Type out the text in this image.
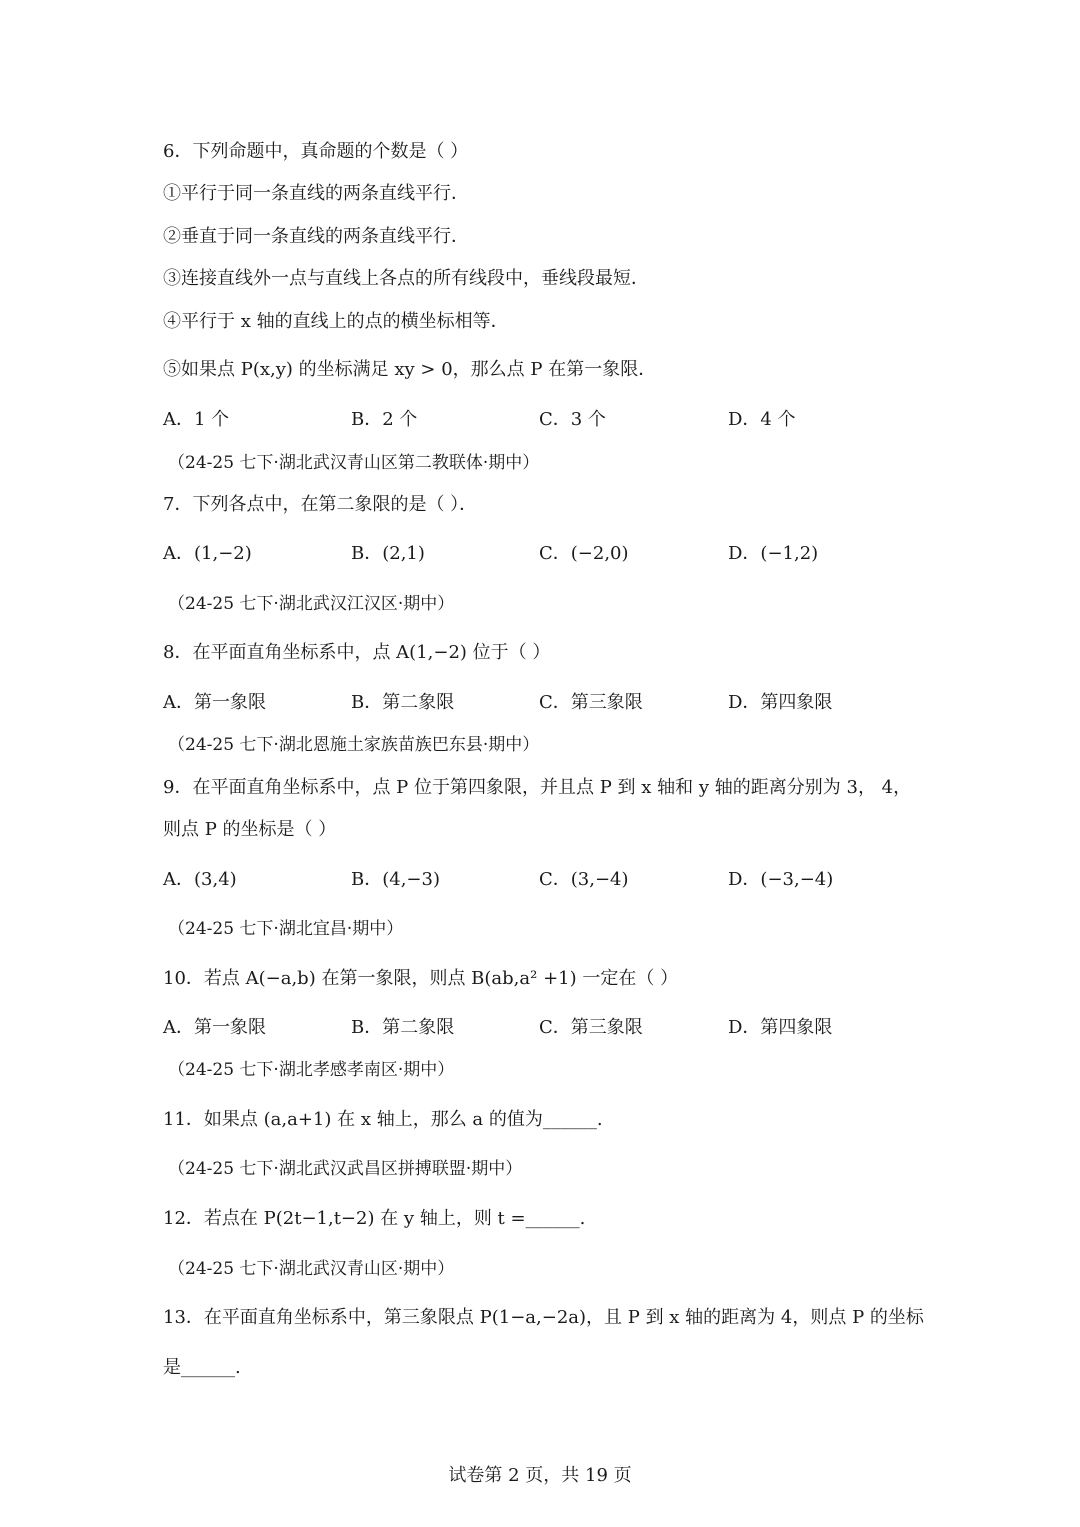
6．下列命题中，真命题的个数是（ ）
①平行于同一条直线的两条直线平行．
②垂直于同一条直线的两条直线平行．
③连接直线外一点与直线上各点的所有线段中，垂线段最短．
④平行于 x 轴的直线上的点的横坐标相等．
⑤如果点 P(x,y) 的坐标满足 xy > 0，那么点 P 在第一象限．
A．1 个	B．2 个	C．3 个	D．4 个
（24-25 七下·湖北武汉青山区第二教联体·期中）
7．下列各点中，在第二象限的是（ ）．
A．(1,−2)	B．(2,1)	C．(−2,0)	D．(−1,2)
（24-25 七下·湖北武汉江汉区·期中）
8．在平面直角坐标系中，点 A(1,−2) 位于（ ）
A．第一象限	B．第二象限	C．第三象限	D．第四象限
（24-25 七下·湖北恩施土家族苗族巴东县·期中）
9．在平面直角坐标系中，点 P 位于第四象限，并且点 P 到 x 轴和 y 轴的距离分别为 3， 4，
则点 P 的坐标是（ ）
A．(3,4)	B．(4,−3)	C．(3,−4)	D．(−3,−4)
（24-25 七下·湖北宜昌·期中）
10．若点 A(−a,b) 在第一象限，则点 B(ab,a² +1) 一定在（ ）
A．第一象限	B．第二象限	C．第三象限	D．第四象限
（24-25 七下·湖北孝感孝南区·期中）
11．如果点 (a,a+1) 在 x 轴上，那么 a 的值为______.
（24-25 七下·湖北武汉武昌区拼搏联盟·期中）
12．若点在 P(2t−1,t−2) 在 y 轴上，则 t =______.
（24-25 七下·湖北武汉青山区·期中）
13．在平面直角坐标系中，第三象限点 P(1−a,−2a)，且 P 到 x 轴的距离为 4，则点 P 的坐标
是______.
试卷第 2 页，共 19 页
